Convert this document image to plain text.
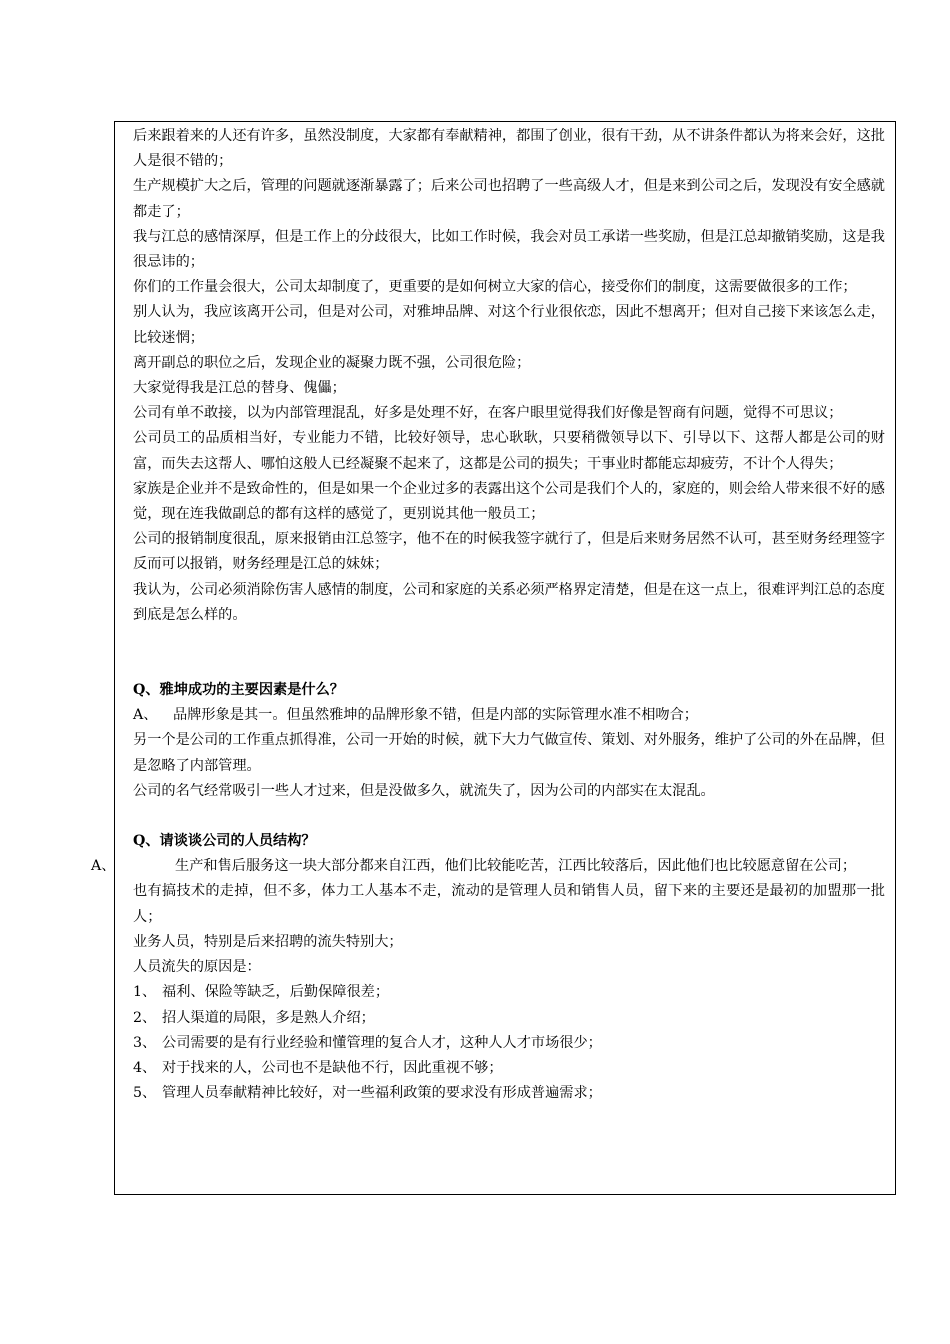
后来跟着来的人还有许多，虽然没制度，大家都有奉献精神，都围了创业，很有干劲，从不讲条件都认为将来会好，这批人是很不错的；

生产规模扩大之后，管理的问题就逐渐暴露了；后来公司也招聘了一些高级人才，但是来到公司之后，发现没有安全感就都走了；

我与江总的感情深厚，但是工作上的分歧很大，比如工作时候，我会对员工承诺一些奖励，但是江总却撤销奖励，这是我很忌讳的；

你们的工作量会很大，公司太却制度了，更重要的是如何树立大家的信心，接受你们的制度，这需要做很多的工作；

别人认为，我应该离开公司，但是对公司，对雅坤品牌、对这个行业很依恋，因此不想离开；但对自己接下来该怎么走，比较迷惘；

离开副总的职位之后，发现企业的凝聚力既不强，公司很危险；

大家觉得我是江总的替身、傀儡；

公司有单不敢接，以为内部管理混乱，好多是处理不好，在客户眼里觉得我们好像是智商有问题，觉得不可思议；

公司员工的品质相当好，专业能力不错，比较好领导，忠心耿耿，只要稍微领导以下、引导以下、这帮人都是公司的财富，而失去这帮人、哪怕这般人已经凝聚不起来了，这都是公司的损失；干事业时都能忘却疲劳，不计个人得失；

家族是企业并不是致命性的，但是如果一个企业过多的表露出这个公司是我们个人的，家庭的，则会给人带来很不好的感觉，现在连我做副总的都有这样的感觉了，更别说其他一般员工；

公司的报销制度很乱，原来报销由江总签字，他不在的时候我签字就行了，但是后来财务居然不认可，甚至财务经理签字反而可以报销，财务经理是江总的妹妹；

我认为，公司必须消除伤害人感情的制度，公司和家庭的关系必须严格界定清楚，但是在这一点上，很难评判江总的态度到底是怎么样的。

Q、雅坤成功的主要因素是什么？

A、 品牌形象是其一。但虽然雅坤的品牌形象不错，但是内部的实际管理水准不相吻合；

另一个是公司的工作重点抓得准，公司一开始的时候，就下大力气做宣传、策划、对外服务，维护了公司的外在品牌，但是忽略了内部管理。

公司的名气经常吸引一些人才过来，但是没做多久，就流失了，因为公司的内部实在太混乱。

Q、请谈谈公司的人员结构？

A、	生产和售后服务这一块大部分都来自江西，他们比较能吃苦，江西比较落后，因此他们也比较愿意留在公司；

也有搞技术的走掉，但不多，体力工人基本不走，流动的是管理人员和销售人员，留下来的主要还是最初的加盟那一批人；

业务人员，特别是后来招聘的流失特别大；

人员流失的原因是：

1、 福利、保险等缺乏，后勤保障很差；

2、 招人渠道的局限，多是熟人介绍；

3、 公司需要的是有行业经验和懂管理的复合人才，这种人人才市场很少；

4、 对于找来的人，公司也不是缺他不行，因此重视不够；

5、 管理人员奉献精神比较好，对一些福利政策的要求没有形成普遍需求；
